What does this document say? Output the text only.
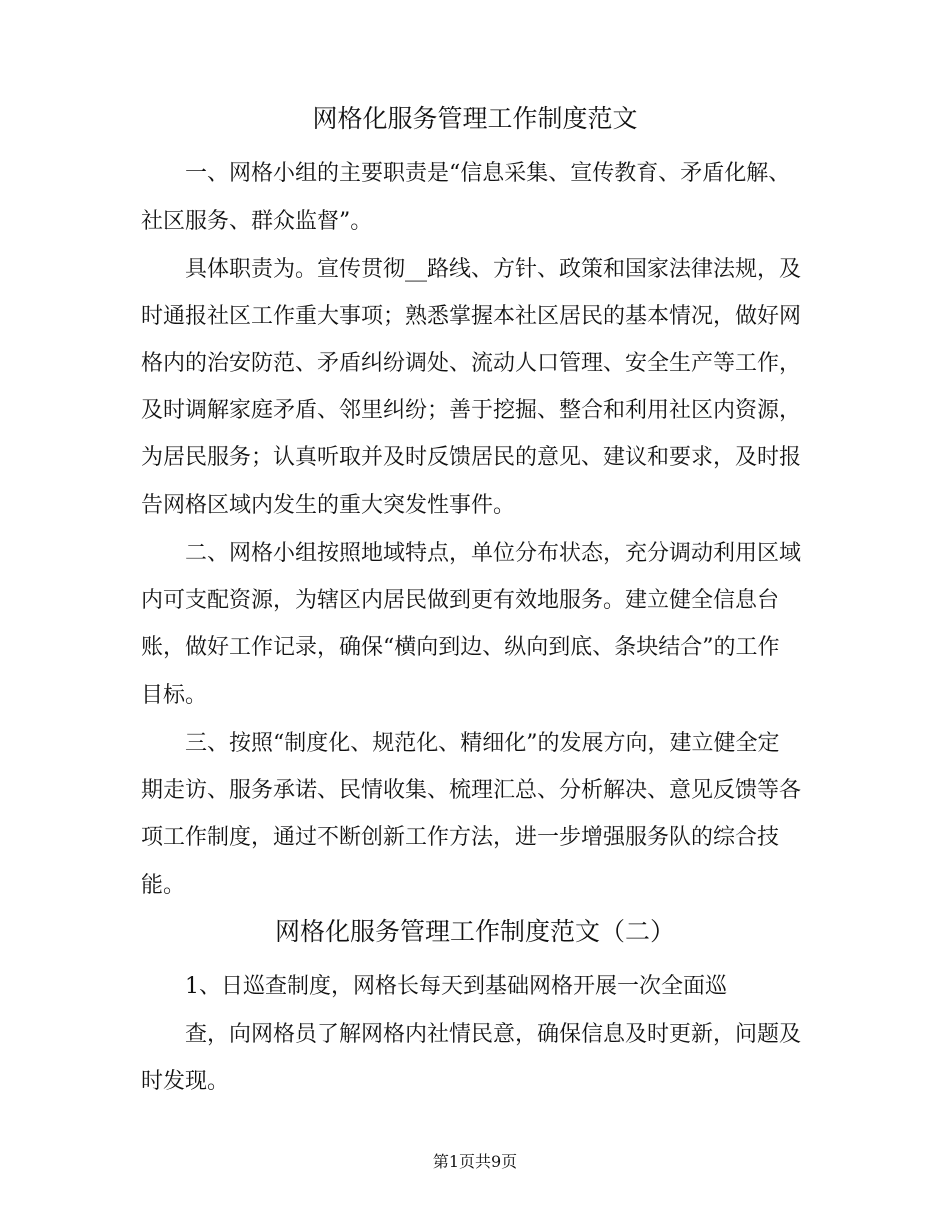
网格化服务管理工作制度范文

一、网格小组的主要职责是“信息采集、宣传教育、矛盾化解、

社区服务、群众监督”。

具体职责为。宣传贯彻__路线、方针、政策和国家法律法规，及

时通报社区工作重大事项；熟悉掌握本社区居民的基本情况，做好网

格内的治安防范、矛盾纠纷调处、流动人口管理、安全生产等工作，

及时调解家庭矛盾、邻里纠纷；善于挖掘、整合和利用社区内资源，

为居民服务；认真听取并及时反馈居民的意见、建议和要求，及时报

告网格区域内发生的重大突发性事件。

二、网格小组按照地域特点，单位分布状态，充分调动利用区域

内可支配资源，为辖区内居民做到更有效地服务。建立健全信息台

账，做好工作记录，确保“横向到边、纵向到底、条块结合”的工作

目标。

三、按照“制度化、规范化、精细化”的发展方向，建立健全定

期走访、服务承诺、民情收集、梳理汇总、分析解决、意见反馈等各

项工作制度，通过不断创新工作方法，进一步增强服务队的综合技

能。

网格化服务管理工作制度范文（二）

1、日巡查制度，网格长每天到基础网格开展一次全面巡

查，向网格员了解网格内社情民意，确保信息及时更新，问题及

时发现。

第1页共9页
